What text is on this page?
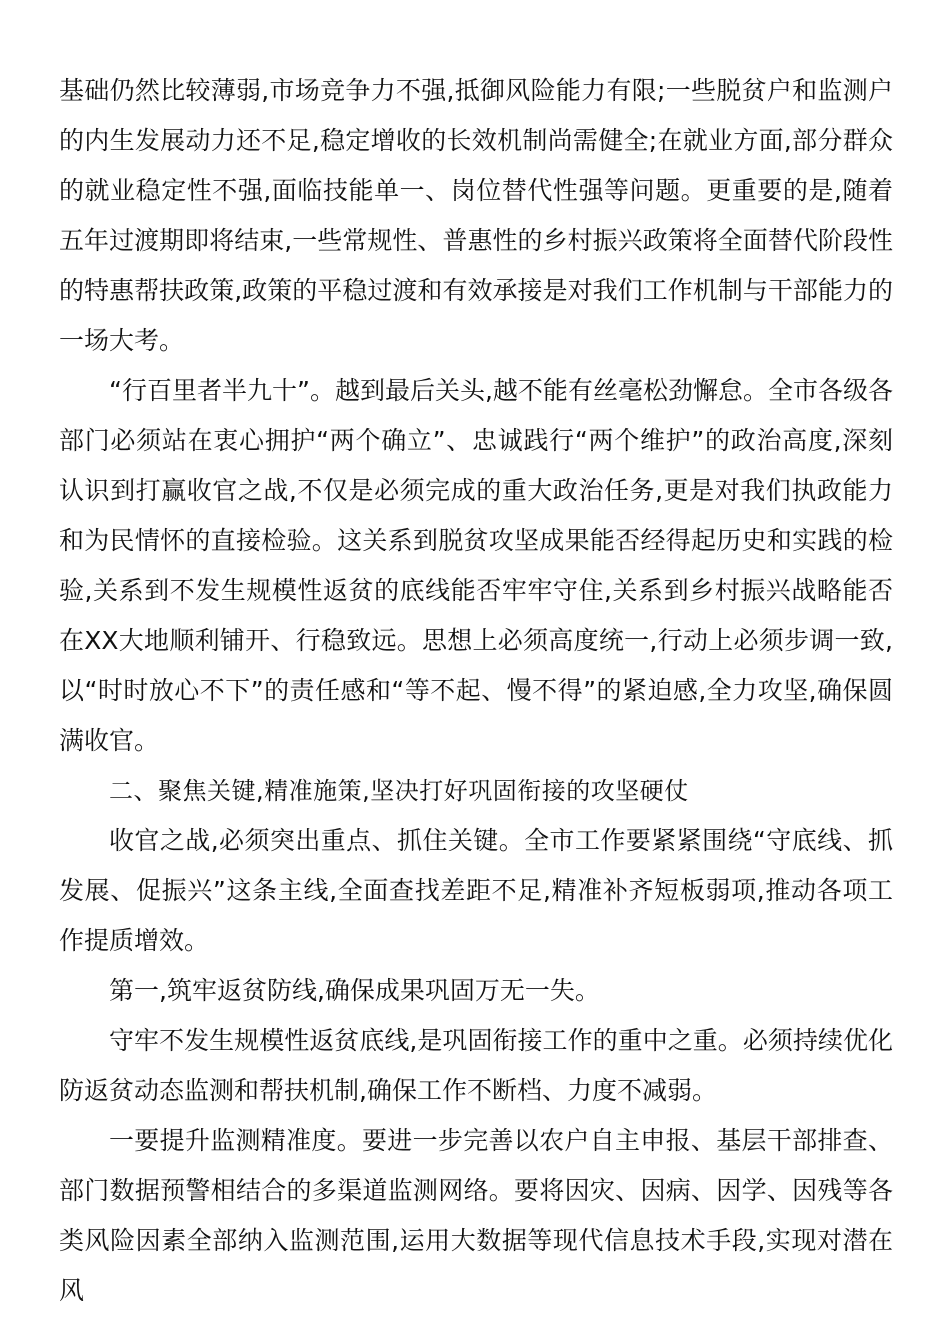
基础仍然比较薄弱,市场竞争力不强,抵御风险能力有限;一些脱贫户和监测户的内生发展动力还不足,稳定增收的长效机制尚需健全;在就业方面,部分群众的就业稳定性不强,面临技能单一、岗位替代性强等问题。更重要的是,随着五年过渡期即将结束,一些常规性、普惠性的乡村振兴政策将全面替代阶段性的特惠帮扶政策,政策的平稳过渡和有效承接是对我们工作机制与干部能力的一场大考。

“行百里者半九十”。越到最后关头,越不能有丝毫松劲懈怠。全市各级各部门必须站在衷心拥护“两个确立”、忠诚践行“两个维护”的政治高度,深刻认识到打赢收官之战,不仅是必须完成的重大政治任务,更是对我们执政能力和为民情怀的直接检验。这关系到脱贫攻坚成果能否经得起历史和实践的检验,关系到不发生规模性返贫的底线能否牢牢守住,关系到乡村振兴战略能否在XX大地顺利铺开、行稳致远。思想上必须高度统一,行动上必须步调一致,以“时时放心不下”的责任感和“等不起、慢不得”的紧迫感,全力攻坚,确保圆满收官。

二、聚焦关键,精准施策,坚决打好巩固衔接的攻坚硬仗

收官之战,必须突出重点、抓住关键。全市工作要紧紧围绕“守底线、抓发展、促振兴”这条主线,全面查找差距不足,精准补齐短板弱项,推动各项工作提质增效。

第一,筑牢返贫防线,确保成果巩固万无一失。

守牢不发生规模性返贫底线,是巩固衔接工作的重中之重。必须持续优化防返贫动态监测和帮扶机制,确保工作不断档、力度不减弱。

一要提升监测精准度。要进一步完善以农户自主申报、基层干部排查、部门数据预警相结合的多渠道监测网络。要将因灾、因病、因学、因残等各类风险因素全部纳入监测范围,运用大数据等现代信息技术手段,实现对潜在风
